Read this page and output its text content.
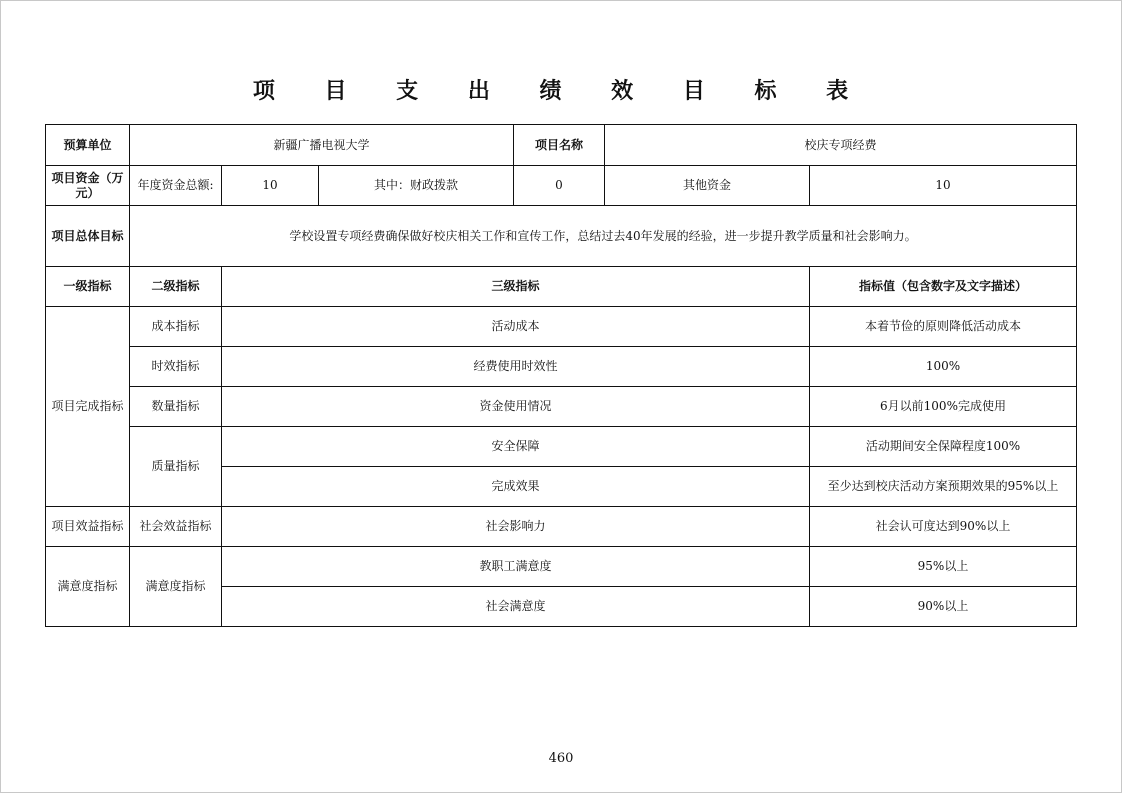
项 目 支 出 绩 效 目 标 表
预算单位	新疆广播电视大学			项目名称	校庆专项经费	
项目资金（万元）	年度资金总额:	10	其中：财政拨款	0	其他资金	10
项目总体目标	学校设置专项经费确保做好校庆相关工作和宣传工作，总结过去40年发展的经验，进一步提升教学质量和社会影响力。					
一级指标	二级指标	三级指标				指标值（包含数字及文字描述）
项目完成指标	成本指标	活动成本				本着节俭的原则降低活动成本
	时效指标	经费使用时效性				100%
	数量指标	资金使用情况				6月以前100%完成使用
	质量指标	安全保障				活动期间安全保障程度100%
		完成效果				至少达到校庆活动方案预期效果的95%以上
项目效益指标	社会效益指标	社会影响力				社会认可度达到90%以上
满意度指标	满意度指标	教职工满意度				95%以上
		社会满意度				90%以上
460
